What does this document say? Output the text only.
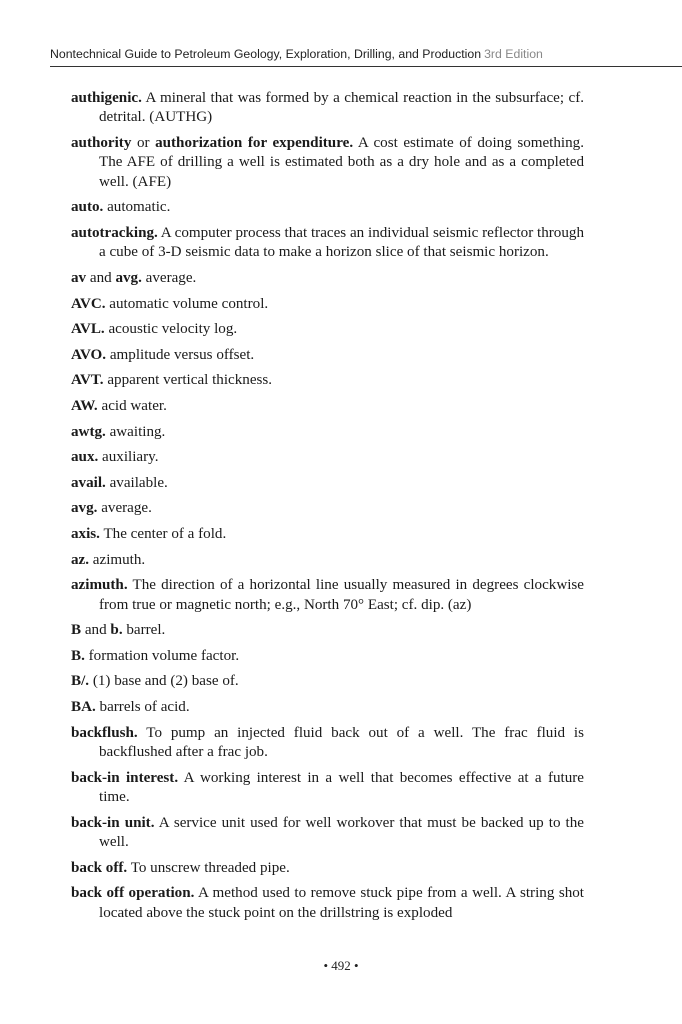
Nontechnical Guide to Petroleum Geology, Exploration, Drilling, and Production 3rd Edition

authigenic. A mineral that was formed by a chemical reaction in the subsurface; cf. detrital. (AUTHG)

authority or authorization for expenditure. A cost estimate of doing something. The AFE of drilling a well is estimated both as a dry hole and as a completed well. (AFE)

auto. automatic.

autotracking. A computer process that traces an individual seismic reflector through a cube of 3-D seismic data to make a horizon slice of that seismic horizon.

av and avg. average.

AVC. automatic volume control.

AVL. acoustic velocity log.

AVO. amplitude versus offset.

AVT. apparent vertical thickness.

AW. acid water.

awtg. awaiting.

aux. auxiliary.

avail. available.

avg. average.

axis. The center of a fold.

az. azimuth.

azimuth. The direction of a horizontal line usually measured in degrees clockwise from true or magnetic north; e.g., North 70° East; cf. dip. (az)

B and b. barrel.

B. formation volume factor.

B/. (1) base and (2) base of.

BA. barrels of acid.

backflush. To pump an injected fluid back out of a well. The frac fluid is backflushed after a frac job.

back-in interest. A working interest in a well that becomes effective at a future time.

back-in unit. A service unit used for well workover that must be backed up to the well.

back off. To unscrew threaded pipe.

back off operation. A method used to remove stuck pipe from a well. A string shot located above the stuck point on the drillstring is exploded

• 492 •
